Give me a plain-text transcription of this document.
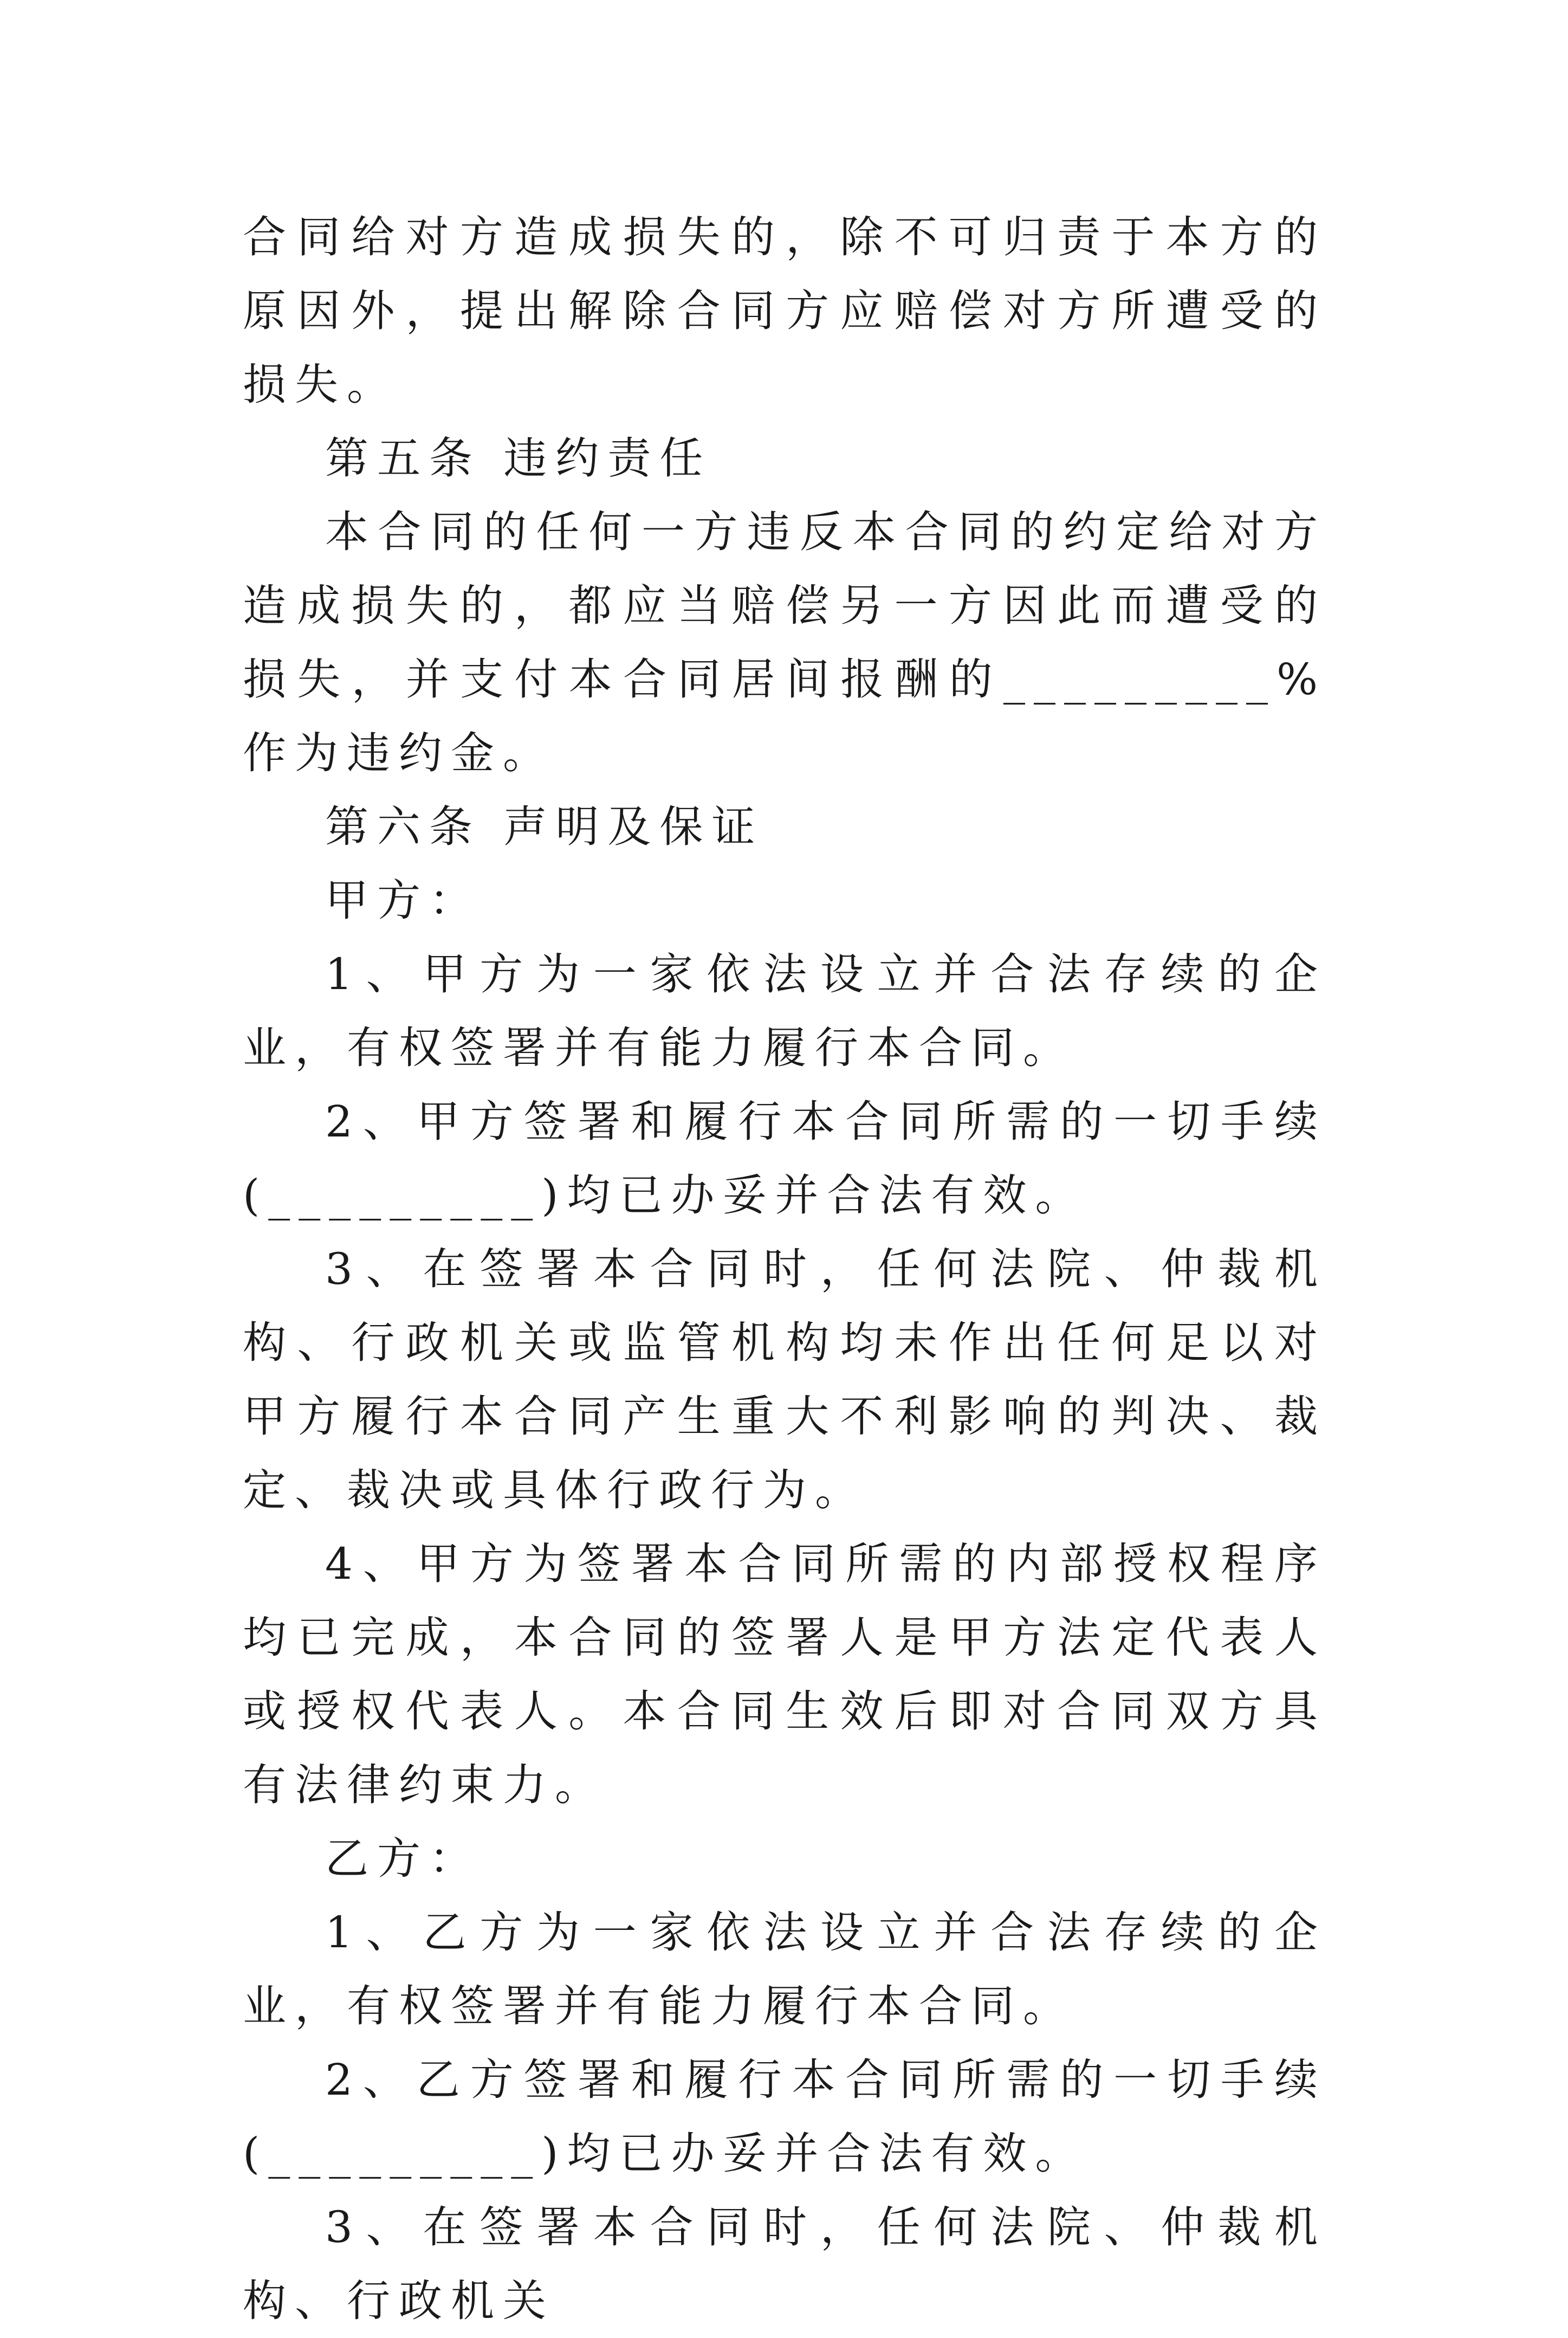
合同给对方造成损失的，除不可归责于本方的原因外，提出解除合同方应赔偿对方所遭受的损失。

第五条 违约责任

本合同的任何一方违反本合同的约定给对方造成损失的，都应当赔偿另一方因此而遭受的损失，并支付本合同居间报酬的_________%作为违约金。

第六条 声明及保证

甲方：

1、甲方为一家依法设立并合法存续的企业，有权签署并有能力履行本合同。

2、甲方签署和履行本合同所需的一切手续(_________)均已办妥并合法有效。

3、在签署本合同时，任何法院、仲裁机构、行政机关或监管机构均未作出任何足以对甲方履行本合同产生重大不利影响的判决、裁定、裁决或具体行政行为。

4、甲方为签署本合同所需的内部授权程序均已完成，本合同的签署人是甲方法定代表人或授权代表人。本合同生效后即对合同双方具有法律约束力。

乙方：

1、乙方为一家依法设立并合法存续的企业，有权签署并有能力履行本合同。

2、乙方签署和履行本合同所需的一切手续(_________)均已办妥并合法有效。

3、在签署本合同时，任何法院、仲裁机构、行政机关
